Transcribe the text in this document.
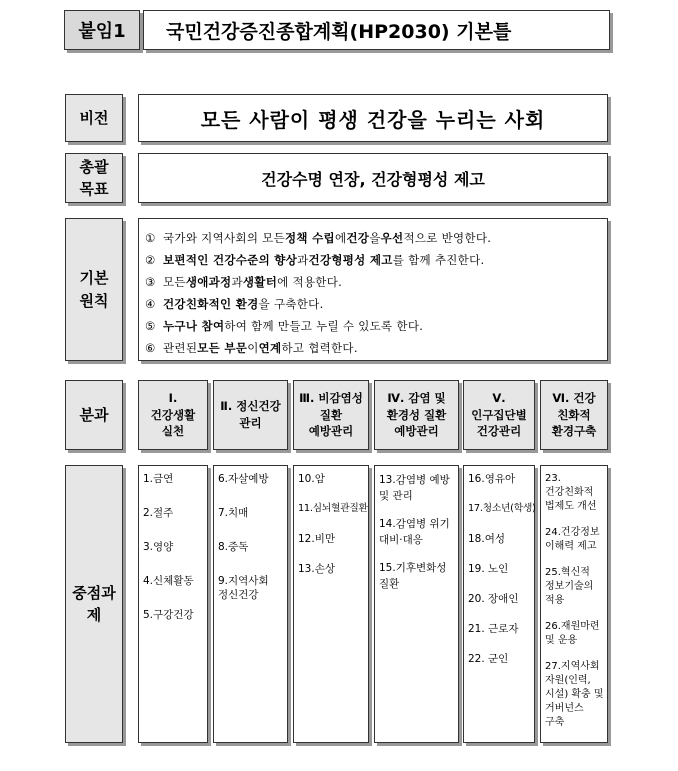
붙임1 국민건강증진종합계획(HP2030) 기본틀
비전	모든 사람이 평생 건강을 누리는 사회
총괄
목표
건강수명 연장, 건강형평성 제고
기본
원칙
① 국가와 지역사회의 모든 정책 수립 에 건강 을 우선 적으로 반영한다.
② 보편적인 건강수준의 향상 과 건강형평성 제고 를 함께 추진한다.
③ 모든 생애과정 과 생활터 에 적용한다.
④ 건강친화적인 환경 을 구축한다.
⑤ 누구나 참여 하여 함께 만들고 누릴 수 있도록 한다.
⑥ 관련된 모든 부문 이 연계 하고 협력한다.
분과
Ⅰ.
건강생활
실천
Ⅱ. 정신건강
관리
Ⅲ. 비감염성
질환
예방관리
Ⅳ. 감염 및
환경성 질환
예방관리
Ⅴ.
인구집단별
건강관리
Ⅵ. 건강
친화적
환경구축
중점과
제
1.금연
2.절주
3.영양
4.신체활동
5.구강건강
6.자살예방
7.치매
8.중독
9.지역사회 정신건강
10.암
11.심뇌혈관질환
12.비만
13.손상
13.감염병 예방 및 관리
14.감염병 위기 대비·대응
15.기후변화성 질환
16.영유아
17.청소년(학생)
18.여성
19. 노인
20. 장애인
21. 근로자
22. 군인
23.건강친화적 법제도 개선
24.건강정보 이해력 제고
25.혁신적 정보기술의 적용
26.재원마련 및 운용
27.지역사회 자원(인력, 시설) 확충 및 거버넌스 구축
